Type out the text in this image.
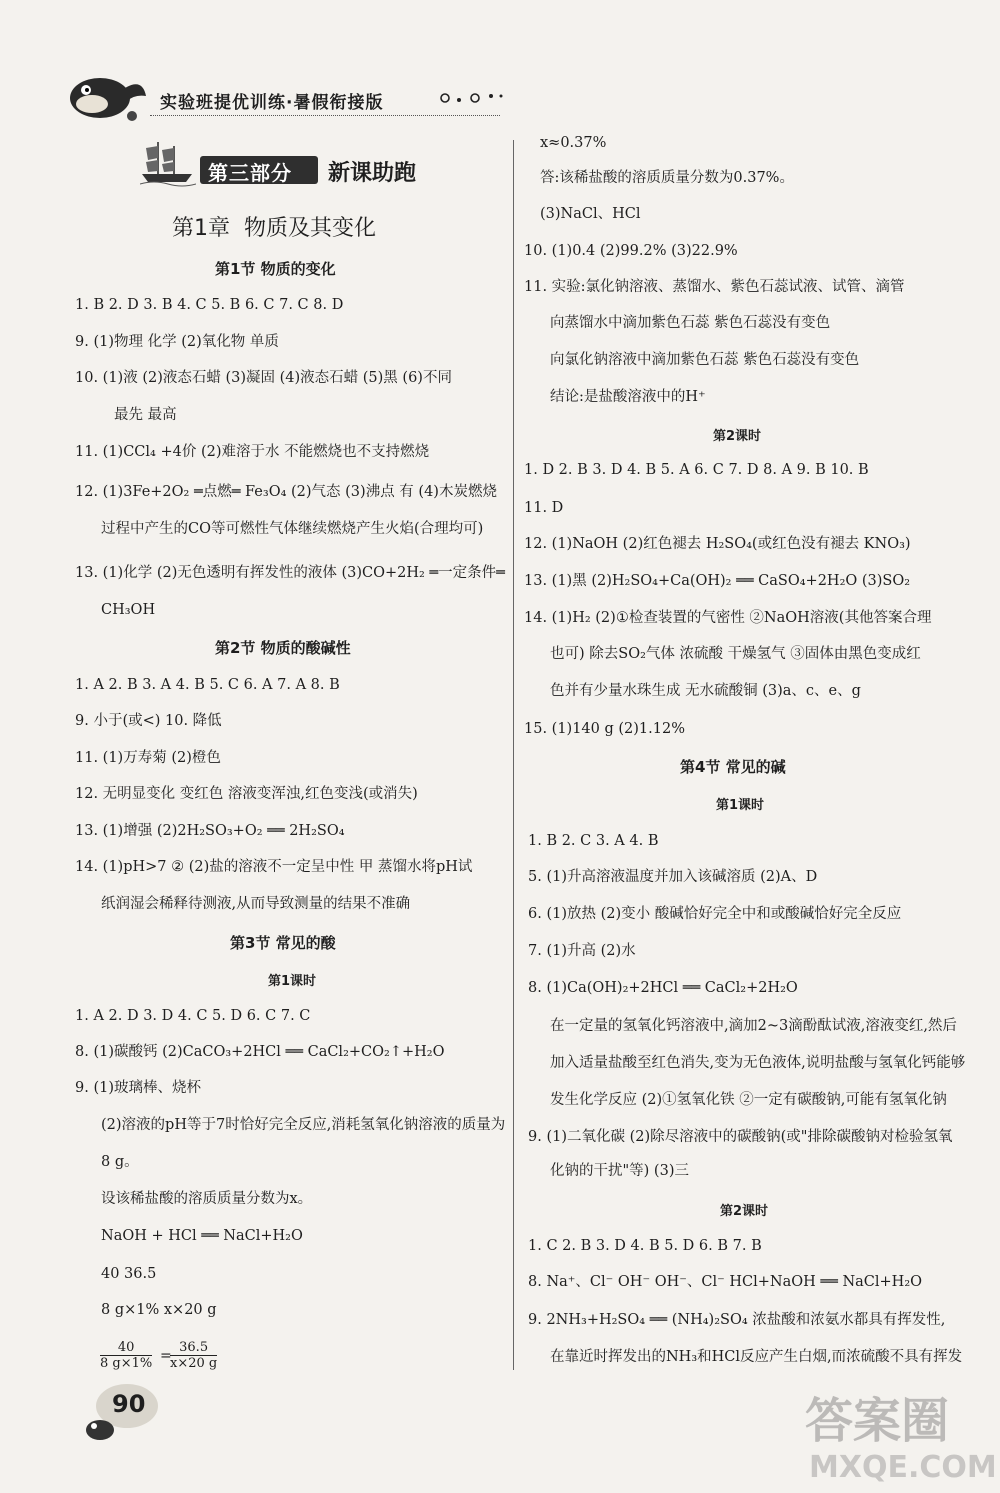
实验班提优训练·暑假衔接版
第三部分 新课助跑
第1章  物质及其变化
第1节 物质的变化
1. B 2. D 3. B 4. C 5. B 6. C 7. C 8. D
9. (1)物理 化学 (2)氧化物 单质
10. (1)液 (2)液态石蜡 (3)凝固 (4)液态石蜡 (5)黑 (6)不同
最先 最高
11. (1)CCl₄ +4价 (2)难溶于水 不能燃烧也不支持燃烧
12. (1)3Fe+2O₂ ═点燃═ Fe₃O₄ (2)气态 (3)沸点 有 (4)木炭燃烧
过程中产生的CO等可燃性气体继续燃烧产生火焰(合理均可)
13. (1)化学 (2)无色透明有挥发性的液体 (3)CO+2H₂ ═一定条件═
CH₃OH
第2节 物质的酸碱性
1. A 2. B 3. A 4. B 5. C 6. A 7. A 8. B
9. 小于(或<) 10. 降低
11. (1)万寿菊 (2)橙色
12. 无明显变化 变红色 溶液变浑浊,红色变浅(或消失)
13. (1)增强 (2)2H₂SO₃+O₂ ══ 2H₂SO₄
14. (1)pH>7 ② (2)盐的溶液不一定呈中性 甲 蒸馏水将pH试
纸润湿会稀释待测液,从而导致测量的结果不准确
第3节 常见的酸
第1课时
1. A 2. D 3. D 4. C 5. D 6. C 7. C
8. (1)碳酸钙 (2)CaCO₃+2HCl ══ CaCl₂+CO₂↑+H₂O
9. (1)玻璃棒、烧杯
(2)溶液的pH等于7时恰好完全反应,消耗氢氧化钠溶液的质量为
8 g。
设该稀盐酸的溶质质量分数为x。
NaOH + HCl ══ NaCl+H₂O
40 36.5
8 g×1% x×20 g
$\frac{40}{8 g\times 1\%}$ =
$\frac{36.5}{x\times 20 g}$
x≈0.37%
答:该稀盐酸的溶质质量分数为0.37%。
(3)NaCl、HCl
10. (1)0.4 (2)99.2% (3)22.9%
11. 实验:氯化钠溶液、蒸馏水、紫色石蕊试液、试管、滴管
向蒸馏水中滴加紫色石蕊 紫色石蕊没有变色
向氯化钠溶液中滴加紫色石蕊 紫色石蕊没有变色
结论:是盐酸溶液中的H⁺
第2课时
1. D 2. B 3. D 4. B 5. A 6. C 7. D 8. A 9. B 10. B
11. D
12. (1)NaOH (2)红色褪去 H₂SO₄(或红色没有褪去 KNO₃)
13. (1)黑 (2)H₂SO₄+Ca(OH)₂ ══ CaSO₄+2H₂O (3)SO₂
14. (1)H₂ (2)①检查装置的气密性 ②NaOH溶液(其他答案合理
也可) 除去SO₂气体 浓硫酸 干燥氢气 ③固体由黑色变成红
色并有少量水珠生成 无水硫酸铜 (3)a、c、e、g
15. (1)140 g (2)1.12%
第4节 常见的碱
第1课时
1. B 2. C 3. A 4. B
5. (1)升高溶液温度并加入该碱溶质 (2)A、D
6. (1)放热 (2)变小 酸碱恰好完全中和或酸碱恰好完全反应
7. (1)升高 (2)水
8. (1)Ca(OH)₂+2HCl ══ CaCl₂+2H₂O
在一定量的氢氧化钙溶液中,滴加2~3滴酚酞试液,溶液变红,然后
加入适量盐酸至红色消失,变为无色液体,说明盐酸与氢氧化钙能够
发生化学反应 (2)①氢氧化铁 ②一定有碳酸钠,可能有氢氧化钠
9. (1)二氧化碳 (2)除尽溶液中的碳酸钠(或"排除碳酸钠对检验氢氧
化钠的干扰"等) (3)三
第2课时
1. C 2. B 3. D 4. B 5. D 6. B 7. B
8. Na⁺、Cl⁻ OH⁻ OH⁻、Cl⁻ HCl+NaOH ══ NaCl+H₂O
9. 2NH₃+H₂SO₄ ══ (NH₄)₂SO₄ 浓盐酸和浓氨水都具有挥发性,
在靠近时挥发出的NH₃和HCl反应产生白烟,而浓硫酸不具有挥发
90	答案圈
MXQE.COM
